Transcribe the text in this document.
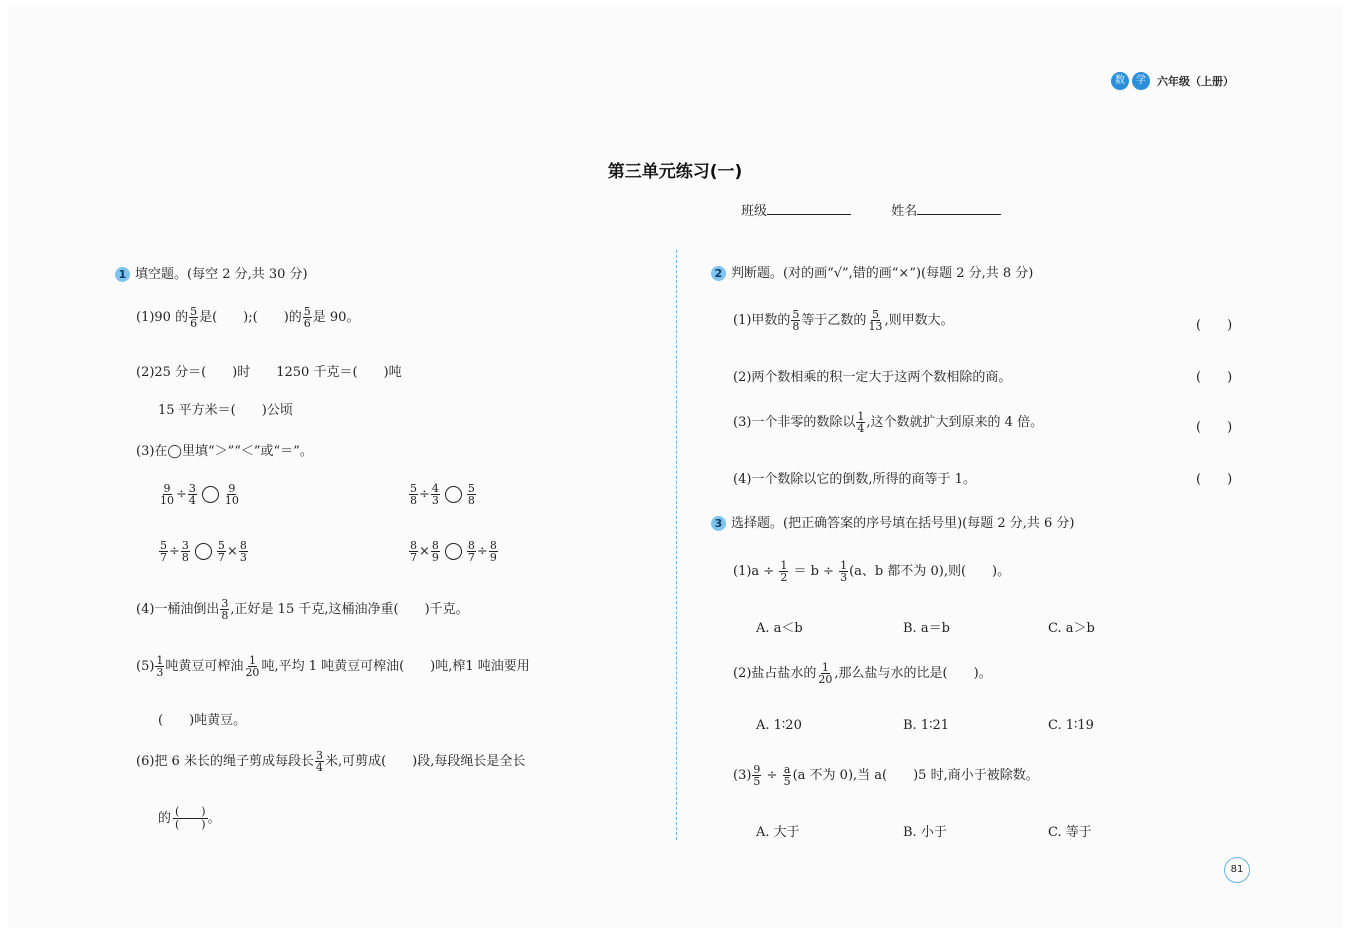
数 学 六年级（上册）
第三单元练习(一)
班级	姓名
1 填空题。(每空 2 分,共 30 分)
(1)90 的 $\frac{5}{6}$ 是(　　);(　　)的 $\frac{5}{6}$ 是 90。
(2)25 分＝(　　)时　　1250 千克＝(　　)吨
15 平方米＝(　　)公顷
(3)在◯里填“＞”“＜”或“＝”。
$\frac{9}{10} \div \frac{3}{4} \frac{9}{10}$	$\frac{5}{8} \div \frac{4}{3} \frac{5}{8}$
$\frac{5}{7} \div \frac{3}{8} \frac{5}{7} \times \frac{8}{3}$	$\frac{8}{7} \times \frac{8}{9} \frac{8}{7} \div \frac{8}{9}$
(4)一桶油倒出 $\frac{3}{8}$ ,正好是 15 千克,这桶油净重(　　)千克。
$(5) \frac{1}{3}$ 吨黄豆可榨油 $\frac{1}{20}$ 吨,平均 1 吨黄豆可榨油(　　)吨,榨1 吨油要用
(　　)吨黄豆。
(6)把 6 米长的绳子剪成每段长 $\frac{3}{4}$ 米,可剪成(　　)段,每段绳长是全长
的 $\frac{( )}{( )}$ 。
2 判断题。(对的画“√”,错的画“×”)(每题 2 分,共 8 分)
(1)甲数的 $\frac{5}{8}$ 等于乙数的 $\frac{5}{13}$ ,则甲数大。	(　　)
(2)两个数相乘的积一定大于这两个数相除的商。	(　　)
(3)一个非零的数除以 $\frac{1}{4}$ ,这个数就扩大到原来的 4 倍。	(　　)
(4)一个数除以它的倒数,所得的商等于 1。	(　　)
3 选择题。(把正确答案的序号填在括号里)(每题 2 分,共 6 分)
$(1)a \div \frac{1}{2} = b \div \frac{1}{3} (a$、b 都不为 0),则(　　)。
A. a＜b	B. a＝b	C. a＞b
(2)盐占盐水的 $\frac{1}{20}$ ,那么盐与水的比是(　　)。
A. 1∶20	B. 1∶21	C. 1∶19
$(3) \frac{9}{5} \div \frac{a}{5} (a$ 不为 0),当 a(　　)5 时,商小于被除数。
A. 大于	B. 小于	C. 等于
81
